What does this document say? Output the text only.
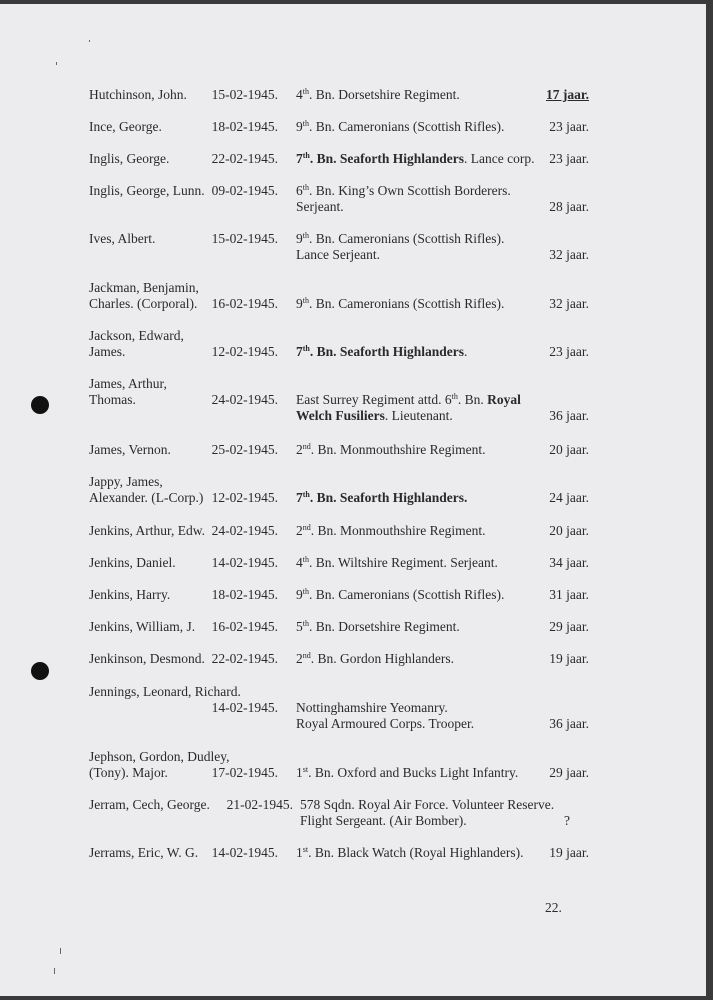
Hutchinson, John.	15-02-1945. 4th. Bn. Dorsetshire Regiment.	17 jaar.
Ince, George.	18-02-1945. 9th. Bn. Cameronians (Scottish Rifles).	23 jaar.
Inglis, George.	22-02-1945. 7th. Bn. Seaforth Highlanders. Lance corp.	23 jaar.
Inglis, George, Lunn. 09-02-1945. 6th. Bn. King’s Own Scottish Borderers.
Serjeant.	28 jaar.
Ives, Albert.	15-02-1945. 9th. Bn. Cameronians (Scottish Rifles).
Lance Serjeant.	32 jaar.
Jackman, Benjamin,
Charles. (Corporal).	16-02-1945. 9th. Bn. Cameronians (Scottish Rifles).	32 jaar.
Jackson, Edward,
James.	12-02-1945. 7th. Bn. Seaforth Highlanders.	23 jaar.
James, Arthur,
Thomas.	24-02-1945. East Surrey Regiment attd. 6th. Bn. Royal
Welch Fusiliers. Lieutenant.	36 jaar.
James, Vernon.	25-02-1945. 2nd. Bn. Monmouthshire Regiment.	20 jaar.
Jappy, James,
Alexander. (L-Corp.) 12-02-1945. 7th. Bn. Seaforth Highlanders.	24 jaar.
Jenkins, Arthur, Edw. 24-02-1945. 2nd. Bn. Monmouthshire Regiment.	20 jaar.
Jenkins, Daniel.	14-02-1945. 4th. Bn. Wiltshire Regiment. Serjeant.	34 jaar.
Jenkins, Harry.	18-02-1945. 9th. Bn. Cameronians (Scottish Rifles).	31 jaar.
Jenkins, William, J.	16-02-1945. 5th. Bn. Dorsetshire Regiment.	29 jaar.
Jenkinson, Desmond. 22-02-1945. 2nd. Bn. Gordon Highlanders.	19 jaar.
Jennings, Leonard, Richard.
14-02-1945. Nottinghamshire Yeomanry.
Royal Armoured Corps. Trooper.	36 jaar.
Jephson, Gordon, Dudley,
(Tony). Major.	17-02-1945. 1st. Bn. Oxford and Bucks Light Infantry.	29 jaar.
Jerram, Cech, George.	21-02-1945. 578 Sqdn. Royal Air Force. Volunteer Reserve.
Flight Sergeant. (Air Bomber).	?
Jerrams, Eric, W. G.	14-02-1945. 1st. Bn. Black Watch (Royal Highlanders).	19 jaar.
22.
